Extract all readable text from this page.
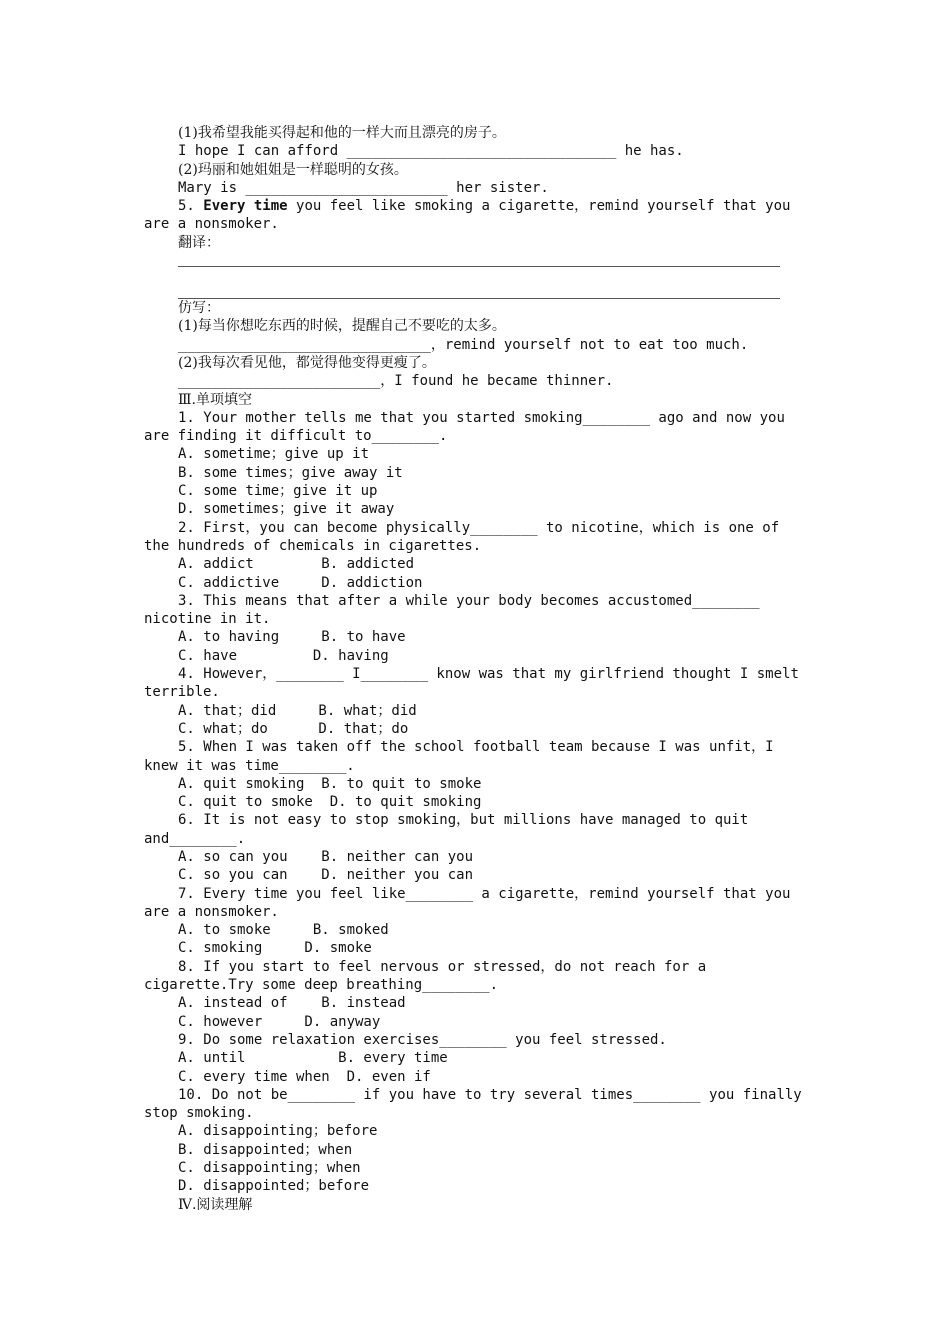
(1)我希望我能买得起和他的一样大而且漂亮的房子。
I hope I can afford ________________________________ he has.
(2)玛丽和她姐姐是一样聪明的女孩。
Mary is ________________________ her sister.
5. Every time you feel like smoking a cigarette，remind yourself that you
are a nonsmoker.
翻译：
仿写：
(1)每当你想吃东西的时候，提醒自己不要吃的太多。
______________________________，remind yourself not to eat too much.
(2)我每次看见他，都觉得他变得更瘦了。
________________________，I found he became thinner.
Ⅲ.单项填空
1. Your mother tells me that you started smoking________ ago and now you
are finding it difficult to________.
A. sometime；give up it
B. some times；give away it
C. some time；give it up
D. sometimes；give it away
2. First，you can become physically________ to nicotine，which is one of
the hundreds of chemicals in cigarettes.
A. addict        B. addicted
C. addictive     D. addiction
3. This means that after a while your body becomes accustomed________
nicotine in it.
A. to having     B. to have
C. have         D. having
4. However，________ I________ know was that my girlfriend thought I smelt
terrible.
A. that；did     B. what；did
C. what；do      D. that；do
5. When I was taken off the school football team because I was unfit，I
knew it was time________.
A. quit smoking  B. to quit to smoke
C. quit to smoke  D. to quit smoking
6. It is not easy to stop smoking，but millions have managed to quit
and________.
A. so can you    B. neither can you
C. so you can    D. neither you can
7. Every time you feel like________ a cigarette，remind yourself that you
are a nonsmoker.
A. to smoke     B. smoked
C. smoking     D. smoke
8. If you start to feel nervous or stressed，do not reach for a
cigarette.Try some deep breathing________.
A. instead of    B. instead
C. however     D. anyway
9. Do some relaxation exercises________ you feel stressed.
A. until           B. every time
C. every time when  D. even if
10. Do not be________ if you have to try several times________ you finally
stop smoking.
A. disappointing；before
B. disappointed；when
C. disappointing；when
D. disappointed；before
Ⅳ.阅读理解
